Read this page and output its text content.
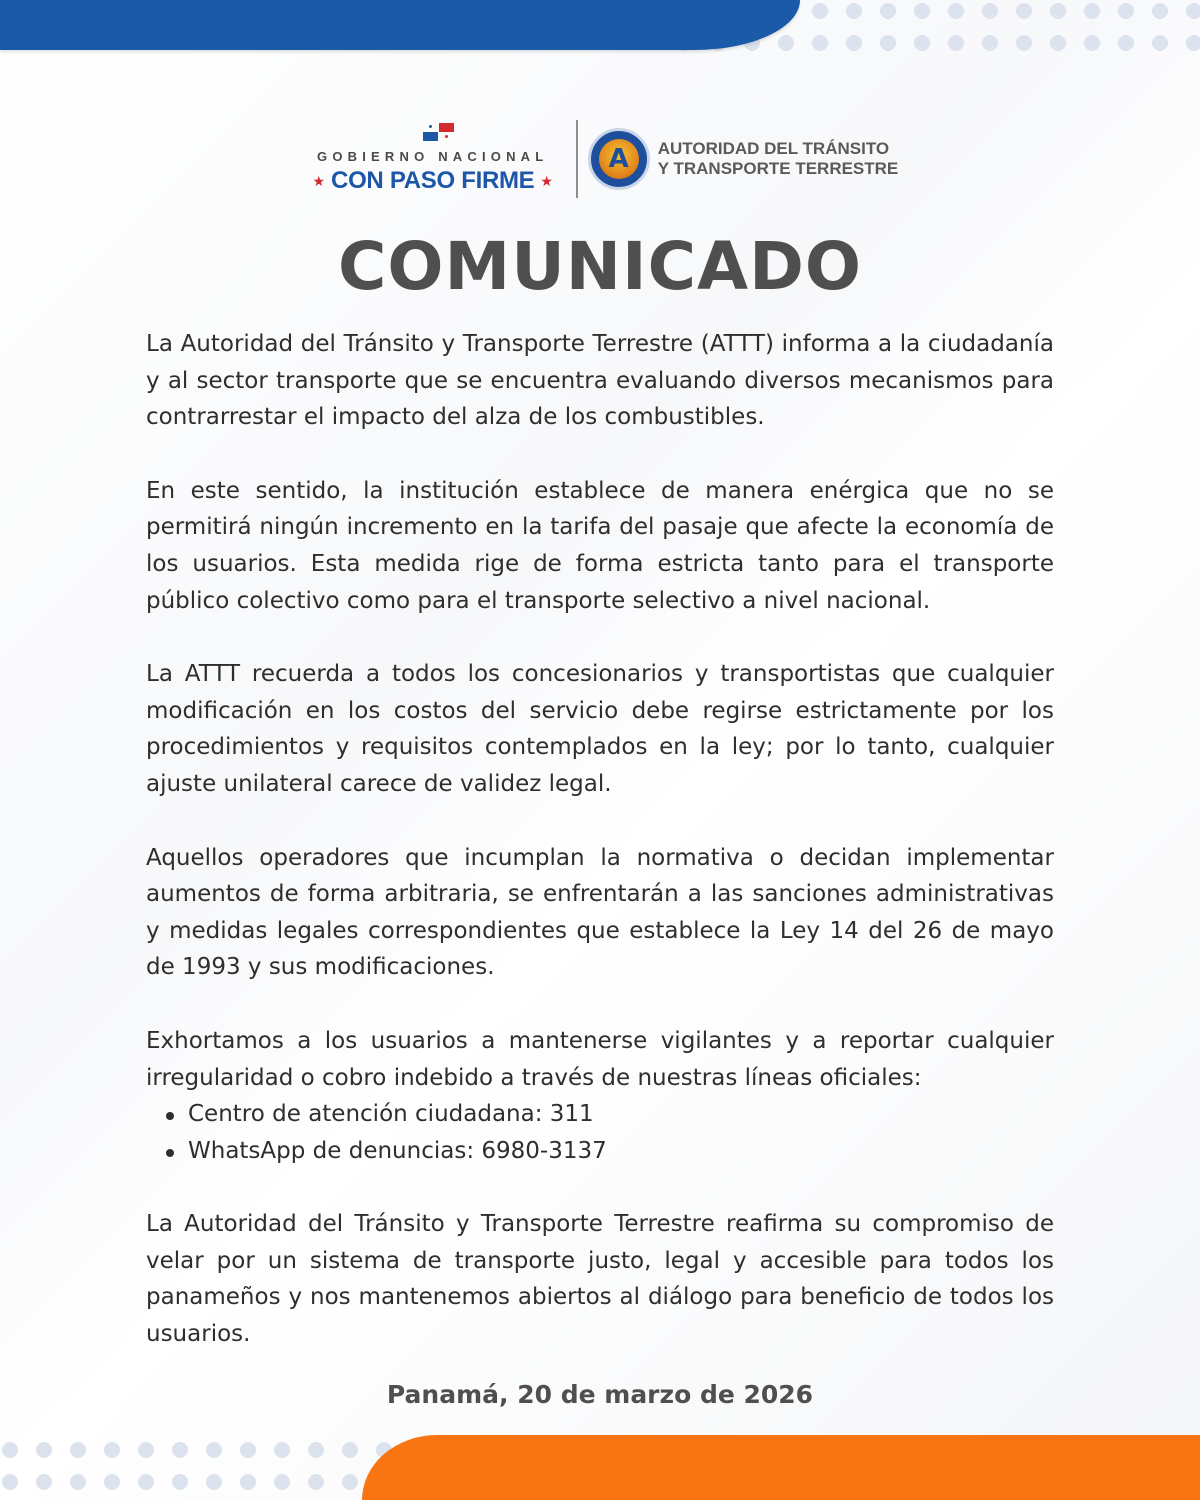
GOBIERNO NACIONAL
★ CON PASO FIRME ★
A	AUTORIDAD DEL TRÁNSITO
Y TRANSPORTE TERRESTRE
COMUNICADO

La Autoridad del Tránsito y Transporte Terrestre (ATTT) informa a la ciudadanía y al sector transporte que se encuentra evaluando diversos mecanismos para contrarrestar el impacto del alza de los combustibles.

En este sentido, la institución establece de manera enérgica que no se permitirá ningún incremento en la tarifa del pasaje que afecte la economía de los usuarios. Esta medida rige de forma estricta tanto para el transporte público colectivo como para el transporte selectivo a nivel nacional.

La ATTT recuerda a todos los concesionarios y transportistas que cualquier modificación en los costos del servicio debe regirse estrictamente por los procedimientos y requisitos contemplados en la ley; por lo tanto, cualquier ajuste unilateral carece de validez legal.

Aquellos operadores que incumplan la normativa o decidan implementar aumentos de forma arbitraria, se enfrentarán a las sanciones administrativas y medidas legales correspondientes que establece la Ley 14 del 26 de mayo de 1993 y sus modificaciones.

Exhortamos a los usuarios a mantenerse vigilantes y a reportar cualquier irregularidad o cobro indebido a través de nuestras líneas oficiales:

Centro de atención ciudadana: 311
WhatsApp de denuncias: 6980-3137

La Autoridad del Tránsito y Transporte Terrestre reafirma su compromiso de velar por un sistema de transporte justo, legal y accesible para todos los panameños y nos mantenemos abiertos al diálogo para beneficio de todos los usuarios.

Panamá, 20 de marzo de 2026
